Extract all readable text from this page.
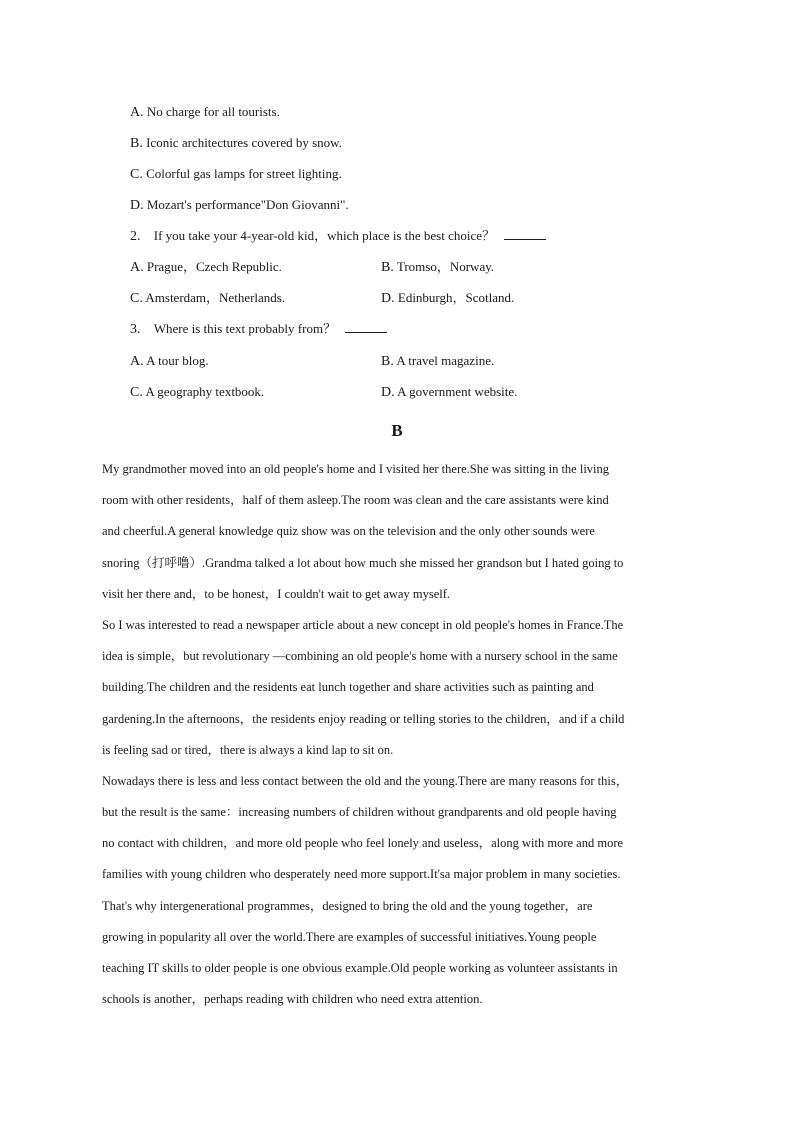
A. No charge for all tourists.
B. Iconic architectures covered by snow.
C. Colorful gas lamps for street lighting.
D. Mozart's performance"Don Giovanni".
2. If you take your 4-year-old kid，which place is the best choice？
A. Prague，Czech Republic.	B. Tromso，Norway.
C. Amsterdam，Netherlands.	D. Edinburgh，Scotland.
3. Where is this text probably from？
A. A tour blog.	B. A travel magazine.
C. A geography textbook.	D. A government website.
B
My grandmother moved into an old people's home and I visited her there.She was sitting in the living
room with other residents，half of them asleep.The room was clean and the care assistants were kind
and cheerful.A general knowledge quiz show was on the television and the only other sounds were
snoring（打呼噜）.Grandma talked a lot about how much she missed her grandson but I hated going to
visit her there and，to be honest，I couldn't wait to get away myself.
So I was interested to read a newspaper article about a new concept in old people's homes in France.The
idea is simple，but revolutionary —combining an old people's home with a nursery school in the same
building.The children and the residents eat lunch together and share activities such as painting and
gardening.In the afternoons，the residents enjoy reading or telling stories to the children，and if a child
is feeling sad or tired，there is always a kind lap to sit on.
Nowadays there is less and less contact between the old and the young.There are many reasons for this，
but the result is the same：increasing numbers of children without grandparents and old people having
no contact with children，and more old people who feel lonely and useless，along with more and more
families with young children who desperately need more support.It'sa major problem in many societies.
That's why intergenerational programmes，designed to bring the old and the young together，are
growing in popularity all over the world.There are examples of successful initiatives.Young people
teaching IT skills to older people is one obvious example.Old people working as volunteer assistants in
schools is another，perhaps reading with children who need extra attention.
